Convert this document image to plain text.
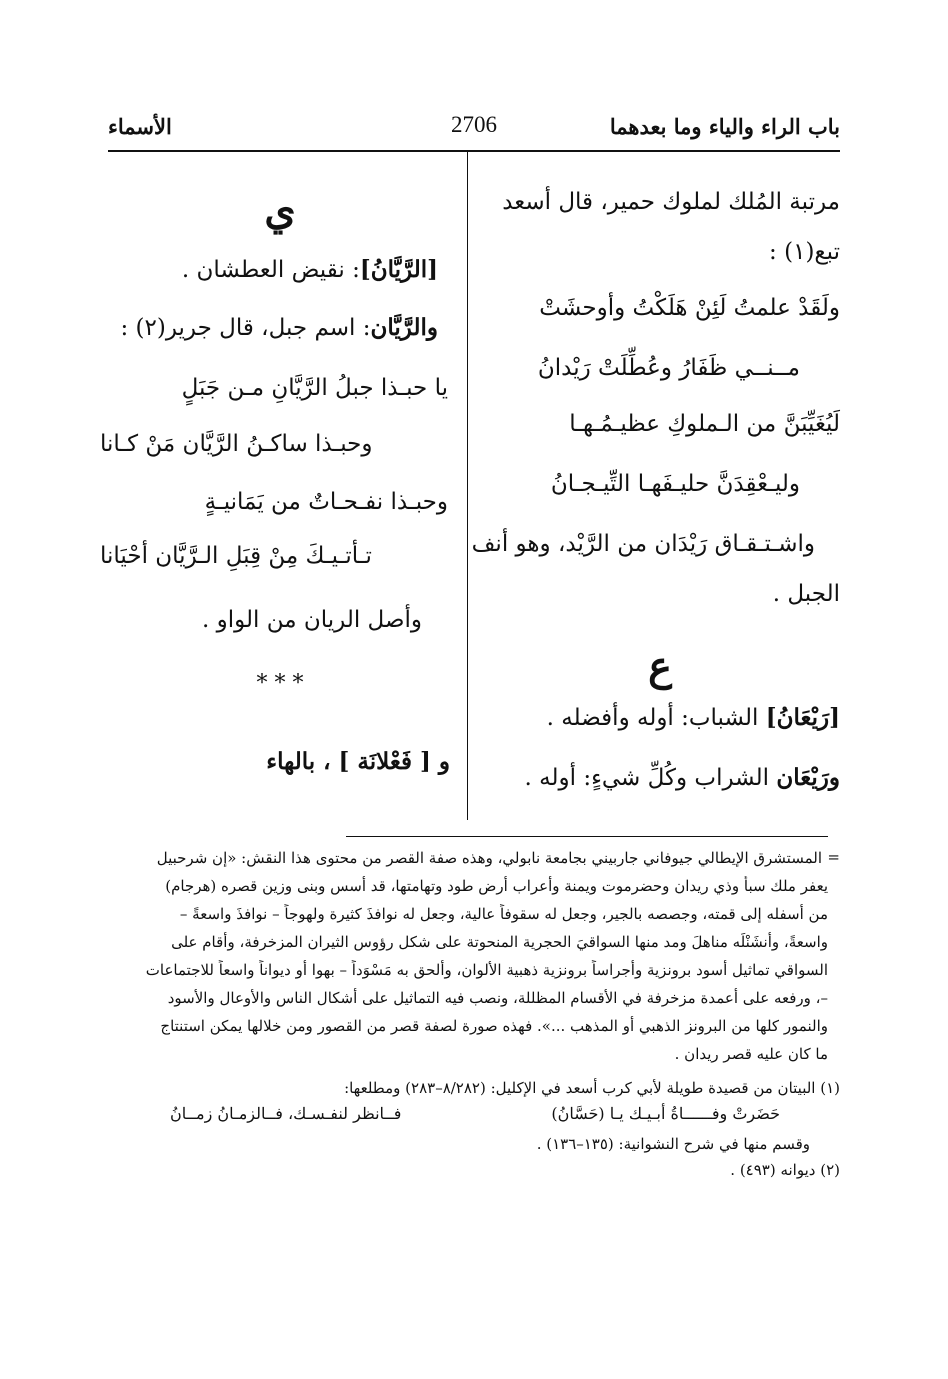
باب الراء والياء وما بعدهما
2706
الأسماء
مرتبة المُلك لملوك حمير، قال أسعد
تبع(١) :
ولَقَدْ علمتُ لَئِنْ هَلَكْتُ وأوحشَتْ
مــنــي ظَفَارُ وعُطِّلَتْ رَيْدانُ
لَيُغَيِّبَنَّ من الـملوكِ عظيـمُـهـا
وليـعْقِدَنَّ حليـفَهـا التِّيـجـانُ
واشـتـقـاق رَيْدَان من الرَّيْد، وهو أنف
الجبل .
ع
[رَيْعَانُ] الشباب: أوله وأفضله .
ورَيْعَان الشراب وكُلِّ شيءٍ: أوله .
ي
[الرَّيَّانُ]: نقيض العطشان .
والرَّيَّان: اسم جبل، قال جرير(٢) :
يا حبـذا جبلُ الرَّيَّانِ مـن جَبَلٍ
وحبـذا ساكـنُ الرَّيَّان مَنْ كـانا
وحبـذا نفـحـاتٌ من يَمَانيـةٍ
تـأتـيـكَ مِنْ قِبَلِ الـرَّيَّان أحْيَانا
وأصل الريان من الواو .
* * *
و [ فَعْلانَة ] ، بالهاء
=
المستشرق الإيطالي جيوفاني جاربيني بجامعة نابولي، وهذه صفة القصر من محتوى هذا النقش: «إن شرحبيل
يعفر ملك سبأ وذي ريدان وحضرموت ويمنة وأعراب أرض طود وتهامتها، قد أسس وبنى وزين قصره (هرجام)
من أسفله إلى قمته، وجصصه بالجير، وجعل له سقوفاً عالية، وجعل له نوافذَ كثيرة ولهوجاً – نوافذَ واسعةً –
واسعةً، وأنشَنْلَه مناهلَ ومد منها السواقيَ الحجرية المنحوتة على شكل رؤوس الثيران المزخرفة، وأقام على
السواقي تماثيل أسود برونزية وأجراساً برونزية ذهبية الألوان، وألحق به مَسْوَداً – بهوا أو ديواناً واسعاً للاجتماعات
–، ورفعه على أعمدة مزخرفة في الأقسام المظللة، ونصب فيه التماثيل على أشكال الناس والأوعال والأسود
والنمور كلها من البرونز الذهبي أو المذهب ...». فهذه صورة لصفة قصر من القصور ومن خلالها يمكن استنتاج
ما كان عليه قصر ريدان .
(١) البيتان من قصيدة طويلة لأبي كرب أسعد في الإكليل: (٨/٢٨٢–٢٨٣) ومطلعها:
حَضَرتْ وفــــــاةُ أبـيـك يـا (حَسَّانُ)
فــانظر لنفـسـك، فــالزمـانُ زمــانُ
وقسم منها في شرح النشوانية: (١٣٥–١٣٦) .
(٢) ديوانه (٤٩٣) .
